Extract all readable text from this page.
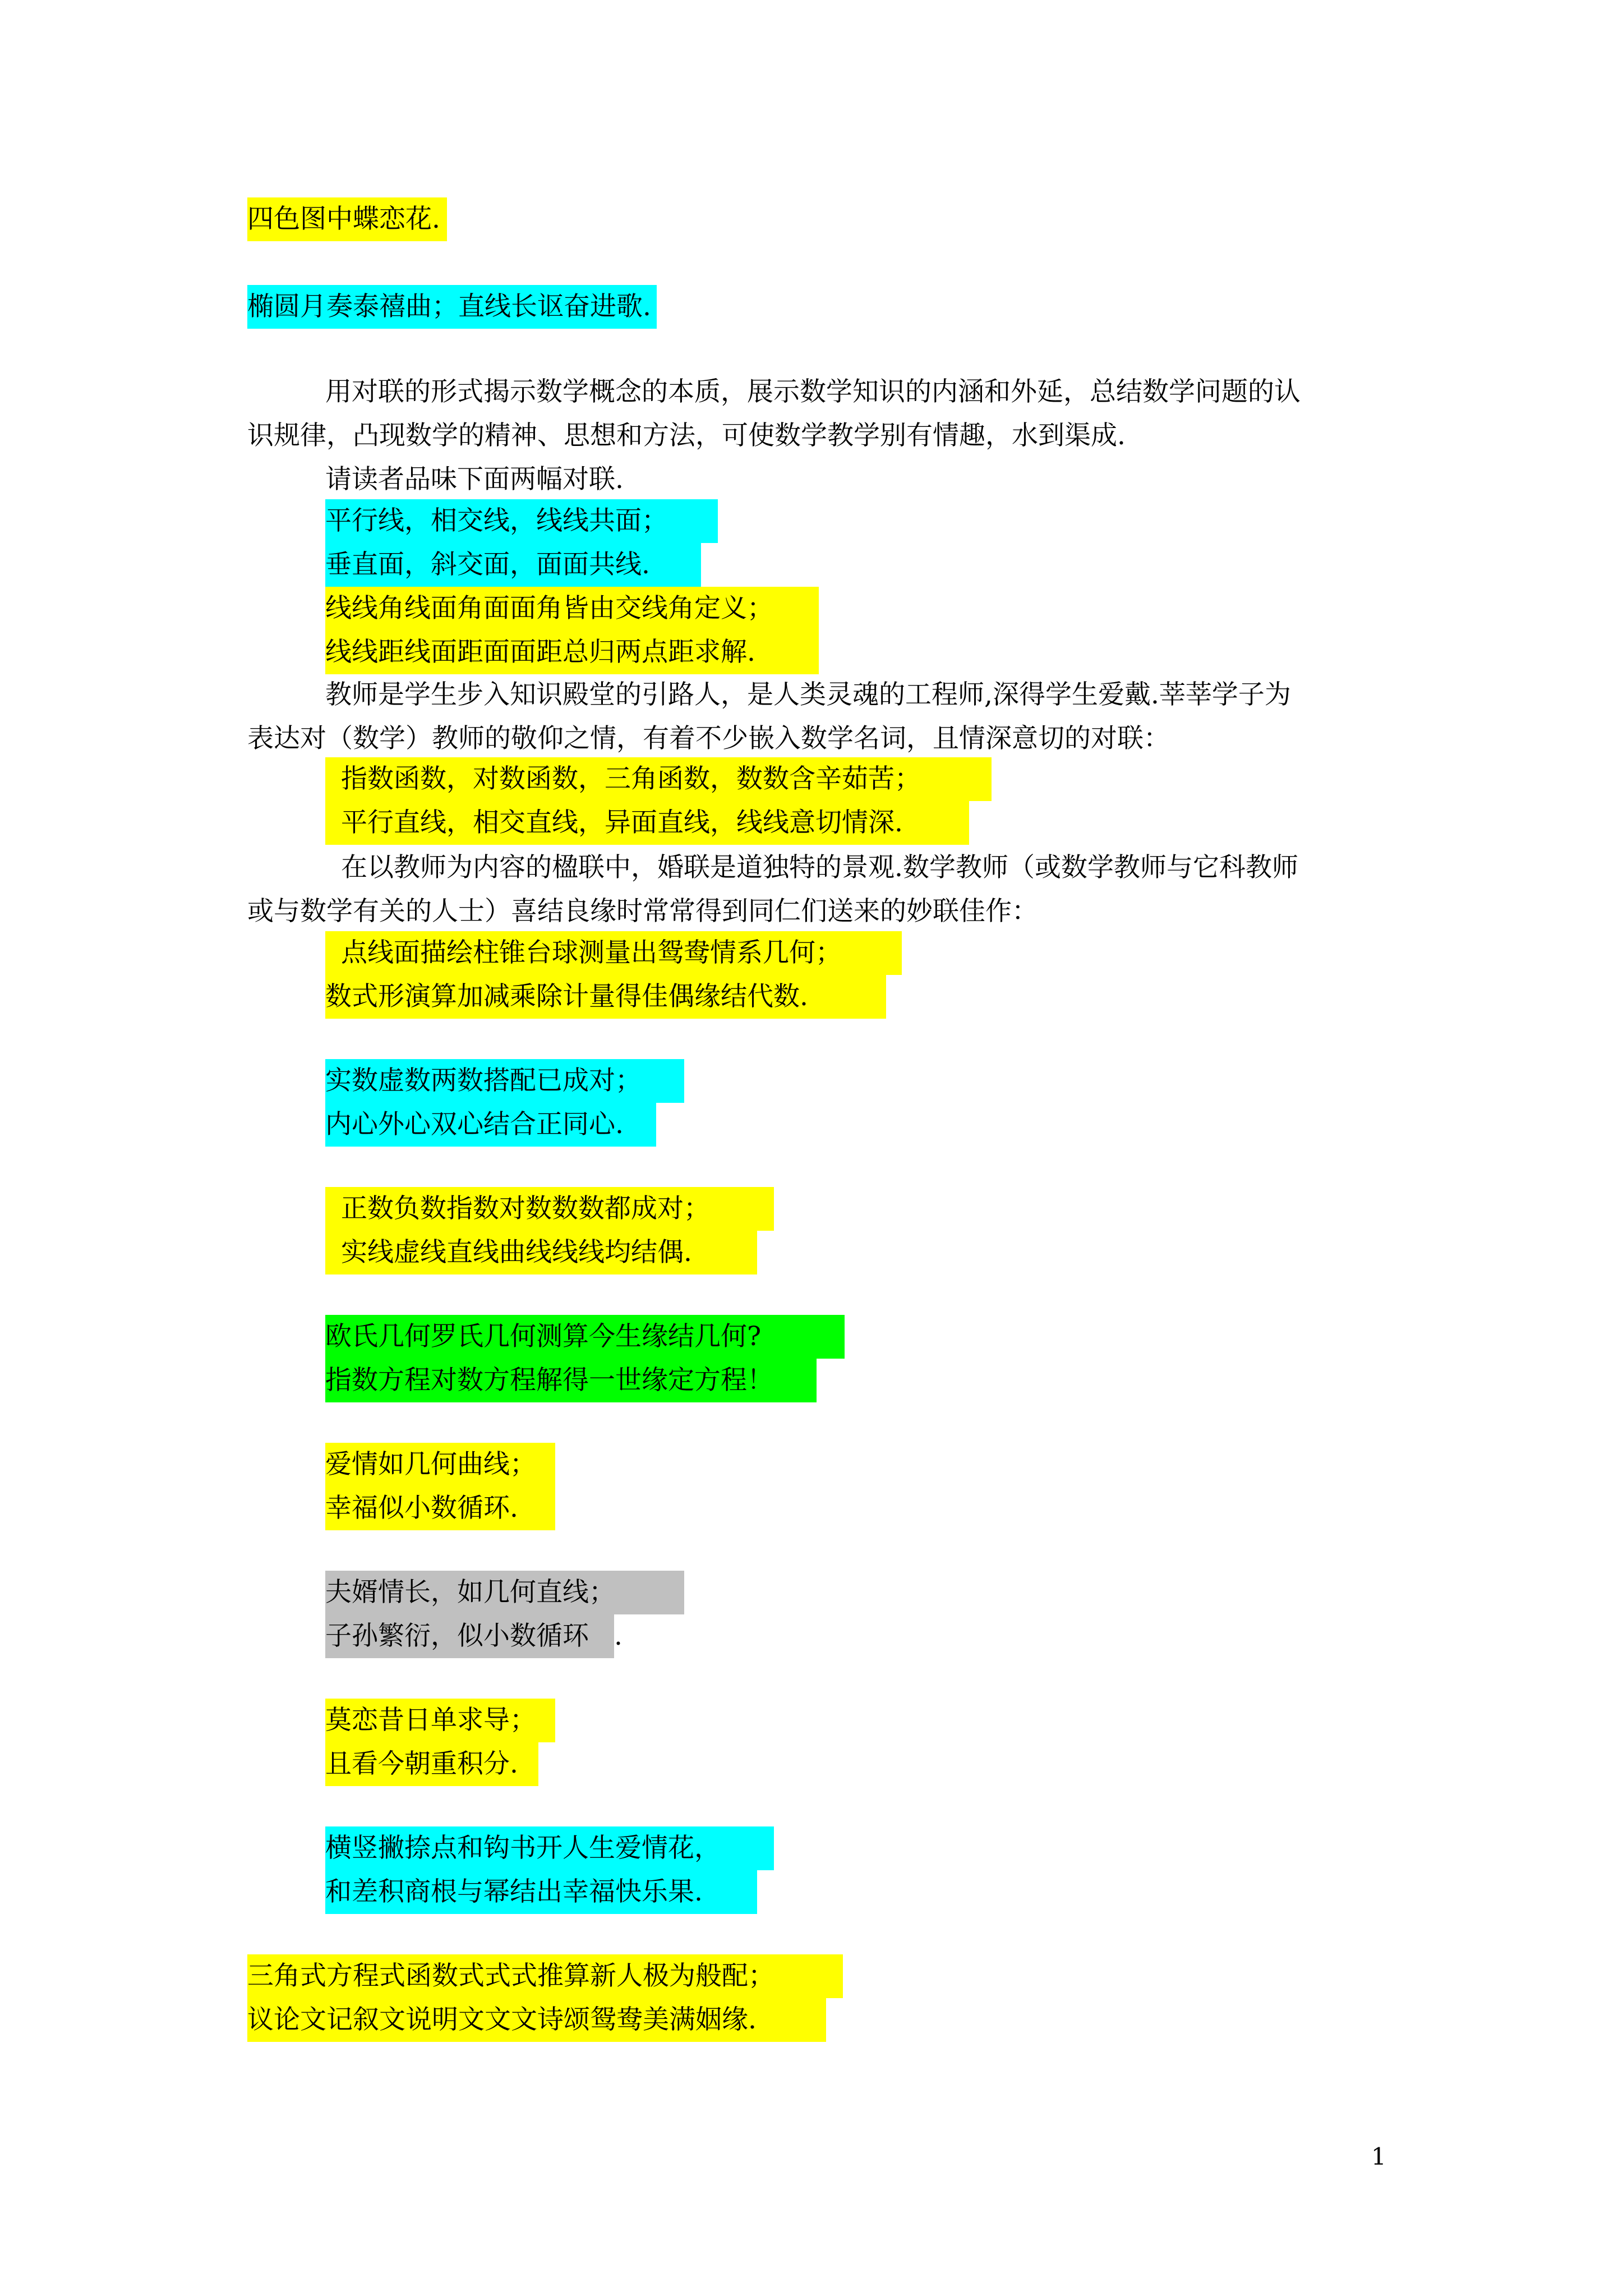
四色图中蝶恋花.
椭圆月奏泰禧曲；直线长讴奋进歌.
用对联的形式揭示数学概念的本质，展示数学知识的内涵和外延，总结数学问题的认
识规律，凸现数学的精神、思想和方法，可使数学教学别有情趣，水到渠成.
请读者品味下面两幅对联.
平行线，相交线，线线共面；
垂直面，斜交面，面面共线.
线线角线面角面面角皆由交线角定义；
线线距线面距面面距总归两点距求解.
教师是学生步入知识殿堂的引路人，是人类灵魂的工程师,深得学生爱戴.莘莘学子为
表达对（数学）教师的敬仰之情，有着不少嵌入数学名词，且情深意切的对联：
指数函数，对数函数，三角函数，数数含辛茹苦；
平行直线，相交直线，异面直线，线线意切情深.
在以教师为内容的楹联中，婚联是道独特的景观.数学教师（或数学教师与它科教师
或与数学有关的人士）喜结良缘时常常得到同仁们送来的妙联佳作：
点线面描绘柱锥台球测量出鸳鸯情系几何；
数式形演算加减乘除计量得佳偶缘结代数.
实数虚数两数搭配已成对；
内心外心双心结合正同心.
正数负数指数对数数数都成对；
实线虚线直线曲线线线均结偶.
欧氏几何罗氏几何测算今生缘结几何?
指数方程对数方程解得一世缘定方程！
爱情如几何曲线；
幸福似小数循环.
夫婿情长，如几何直线；
子孙繁衍，似小数循环 .
莫恋昔日单求导；
且看今朝重积分.
横竖撇捺点和钩书开人生爱情花，
和差积商根与幂结出幸福快乐果.
三角式方程式函数式式式推算新人极为般配；
议论文记叙文说明文文文诗颂鸳鸯美满姻缘.
1
